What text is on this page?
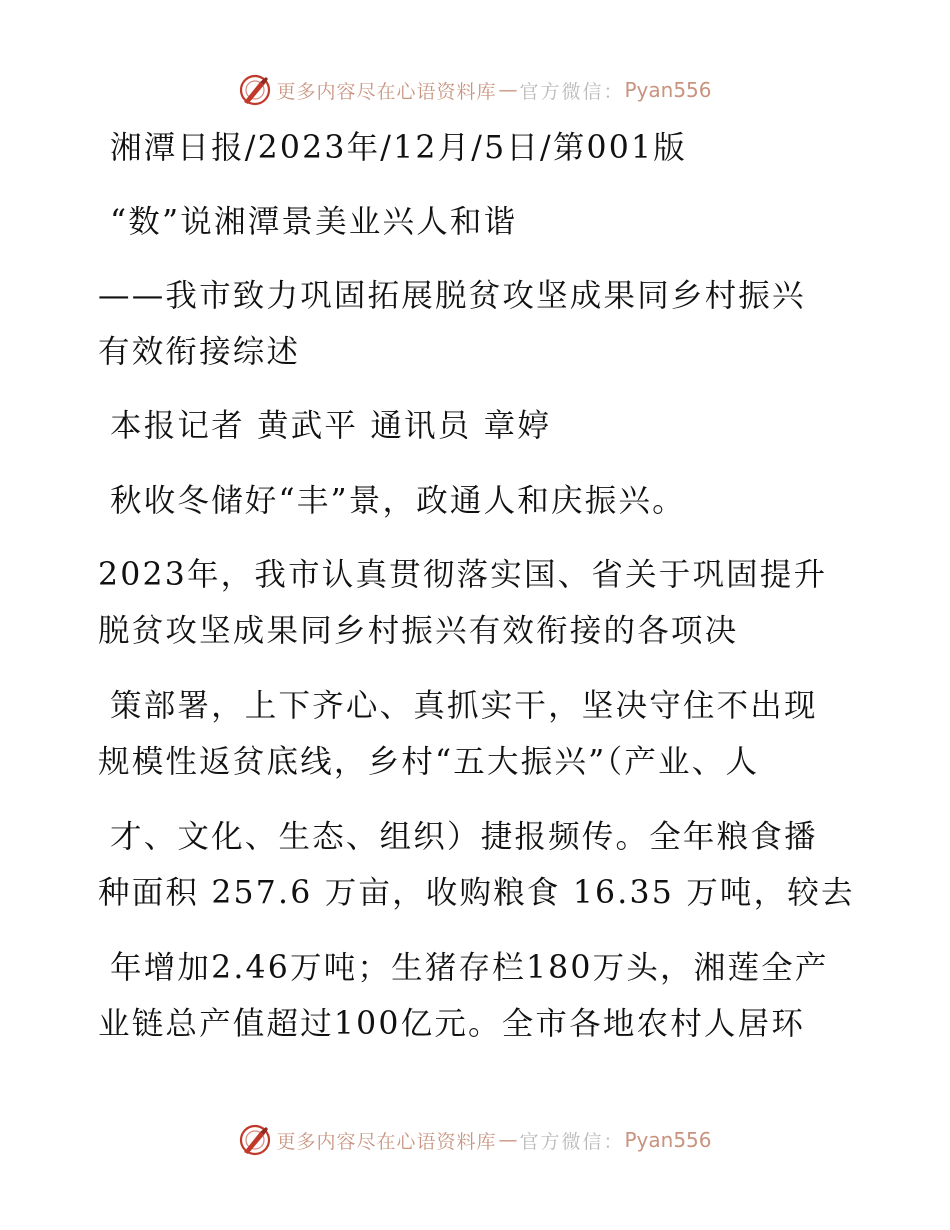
更多内容尽在心语资料库 — 官方微信： Pyan556
湘潭日报/2023年/12月/5日/第001版
“数”说湘潭景美业兴人和谐
——我市致力巩固拓展脱贫攻坚成果同乡村振兴
有效衔接综述
本报记者 黄武平 通讯员 章婷
秋收冬储好“丰”景，政通人和庆振兴。
2023年，我市认真贯彻落实国、省关于巩固提升
脱贫攻坚成果同乡村振兴有效衔接的各项决
策部署，上下齐心、真抓实干，坚决守住不出现
规模性返贫底线，乡村“五大振兴”（产业、人
才、文化、生态、组织）捷报频传。全年粮食播
种面积 257.6 万亩，收购粮食 16.35 万吨，较去
年增加2.46万吨；生猪存栏180万头，湘莲全产
业链总产值超过100亿元。全市各地农村人居环
更多内容尽在心语资料库 — 官方微信： Pyan556
